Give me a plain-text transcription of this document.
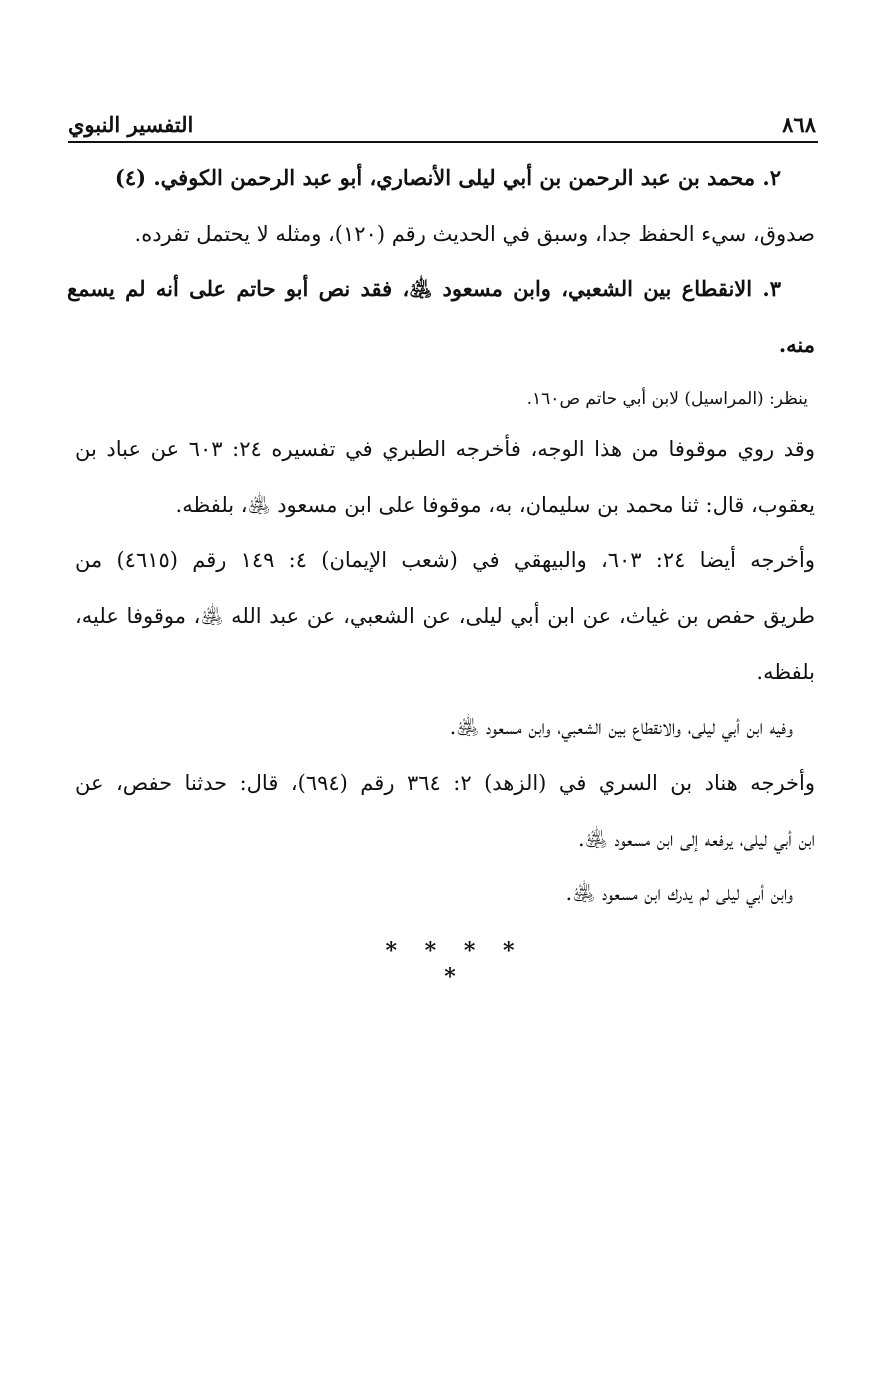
٨٦٨
التفسير النبوي
٢. محمد بن عبد الرحمن بن أبي ليلى الأنصاري، أبو عبد الرحمن الكوفي. (٤)
صدوق، سيء الحفظ جدا، وسبق في الحديث رقم (١٢٠)، ومثله لا يحتمل تفرده.
٣. الانقطاع بين الشعبي، وابن مسعود ﵁، فقد نص أبو حاتم على أنه لم يسمع
منه.
ينظر: (المراسيل) لابن أبي حاتم ص١٦٠.
وقد روي موقوفا من هذا الوجه، فأخرجه الطبري في تفسيره ٢٤: ٦٠٣ عن عباد بن
يعقوب، قال: ثنا محمد بن سليمان، به، موقوفا على ابن مسعود ﵁، بلفظه.
وأخرجه أيضا ٢٤: ٦٠٣، والبيهقي في (شعب الإيمان) ٤: ١٤٩ رقم (٤٦١٥) من
طريق حفص بن غياث، عن ابن أبي ليلى، عن الشعبي، عن عبد الله ﵁، موقوفا عليه،
بلفظه.
وفيه ابن أبي ليلى، والانقطاع بين الشعبي، وابن مسعود ﵁.
وأخرجه هناد بن السري في (الزهد) ٢: ٣٦٤ رقم (٦٩٤)، قال: حدثنا حفص، عن
ابن أبي ليلى، يرفعه إلى ابن مسعود ﵁.
وابن أبي ليلى لم يدرك ابن مسعود ﵁.
* * * * *
